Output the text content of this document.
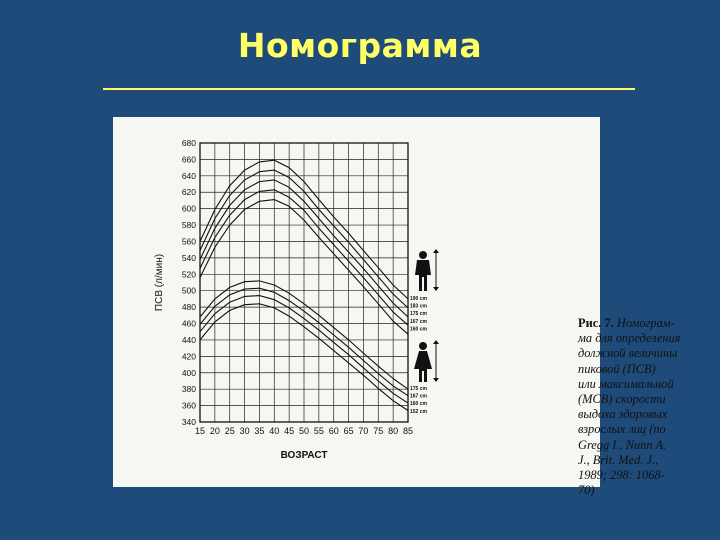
Номограмма
340
360
380
400
420
440
460
480
500
520
540
560
580
600
620
640
660
680
15 20 25 30 35 40 45 50 55 60 65 70 75 80 85
ВОЗРАСТ
ПСВ (л/мин)	190 cm
183 cm
175 cm
167 cm
160 cm
175 cm
167 cm
160 cm
152 cm
Рис. 7. Номограм-
ма для определения
должной величины
пиковой (ПСВ)
или максимальной
(МСВ) скорости
выдоха здоровых
взрослых лиц (по
Gregg I., Nunn A.
J., Brit. Med. J.,
1989; 298: 1068-
70)
